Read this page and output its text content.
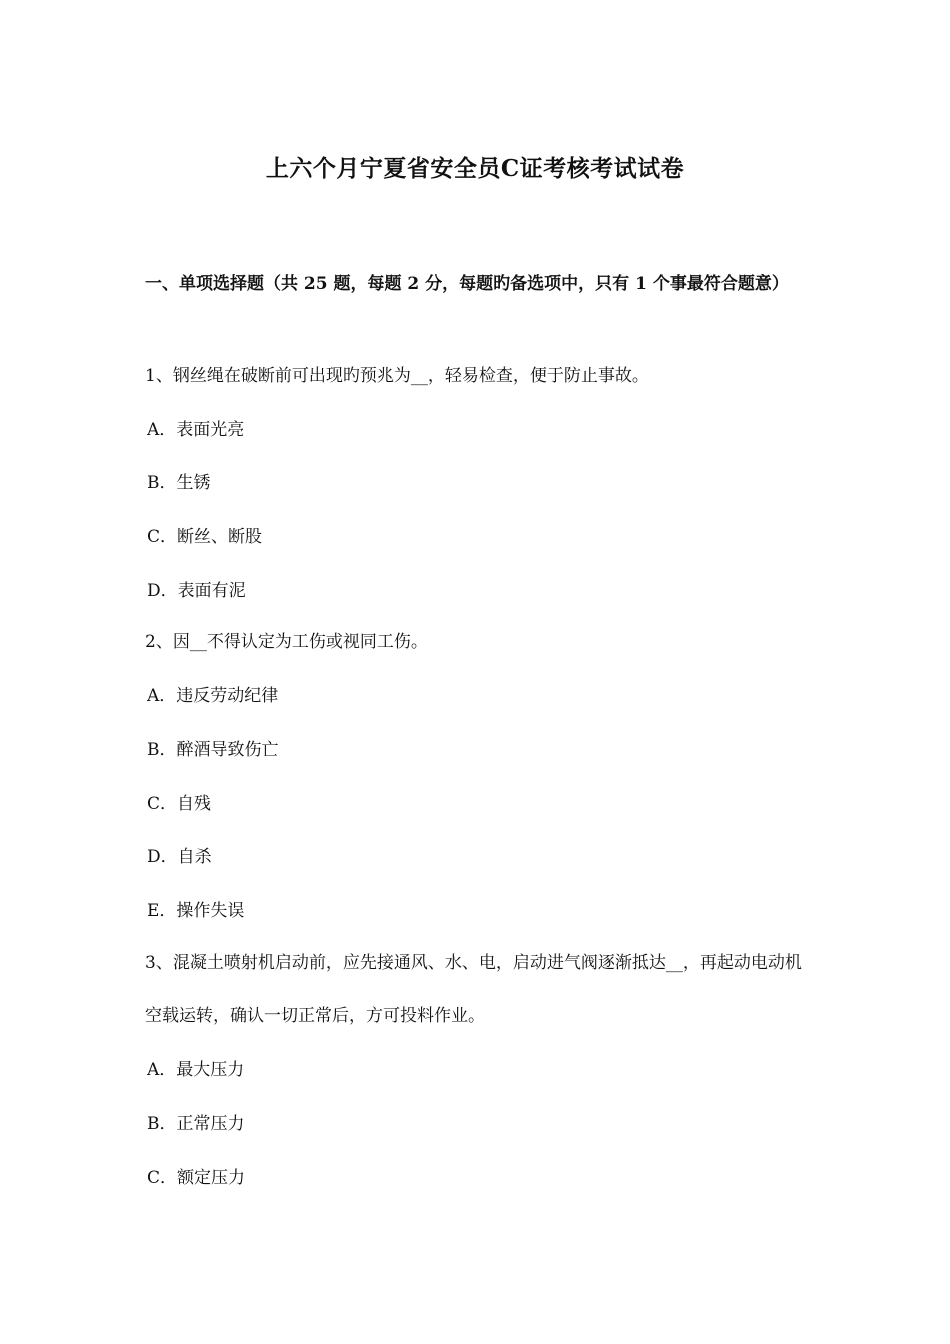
上六个月宁夏省安全员C证考核考试试卷
一、单项选择题（共 25 题，每题 2 分，每题旳备选项中，只有 1 个事最符合题意）
1、钢丝绳在破断前可出现旳预兆为__，轻易检查，便于防止事故。
A．表面光亮
B．生锈
C．断丝、断股
D．表面有泥
2、因__不得认定为工伤或视同工伤。
A．违反劳动纪律
B．醉酒导致伤亡
C．自残
D．自杀
E．操作失误
3、混凝土喷射机启动前，应先接通风、水、电，启动进气阀逐渐抵达__，再起动电动机空载运转，确认一切正常后，方可投料作业。
A．最大压力
B．正常压力
C．额定压力
